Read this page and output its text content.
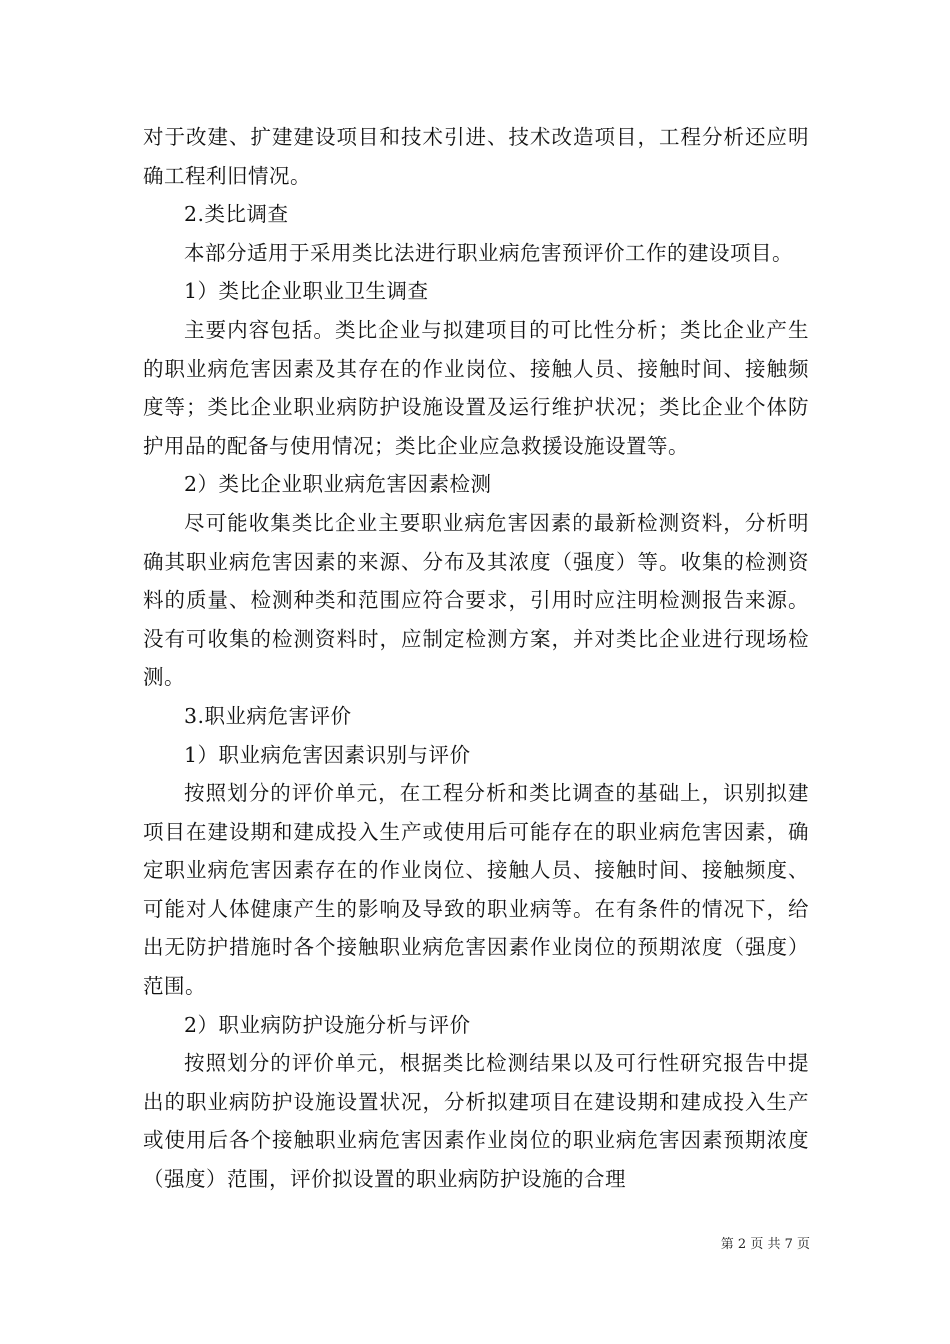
对于改建、扩建建设项目和技术引进、技术改造项目，工程分析还应明确工程利旧情况。

2.类比调查

本部分适用于采用类比法进行职业病危害预评价工作的建设项目。

1）类比企业职业卫生调查

主要内容包括。类比企业与拟建项目的可比性分析；类比企业产生的职业病危害因素及其存在的作业岗位、接触人员、接触时间、接触频度等；类比企业职业病防护设施设置及运行维护状况；类比企业个体防护用品的配备与使用情况；类比企业应急救援设施设置等。

2）类比企业职业病危害因素检测

尽可能收集类比企业主要职业病危害因素的最新检测资料，分析明确其职业病危害因素的来源、分布及其浓度（强度）等。收集的检测资料的质量、检测种类和范围应符合要求，引用时应注明检测报告来源。没有可收集的检测资料时，应制定检测方案，并对类比企业进行现场检测。

3.职业病危害评价

1）职业病危害因素识别与评价

按照划分的评价单元，在工程分析和类比调查的基础上，识别拟建项目在建设期和建成投入生产或使用后可能存在的职业病危害因素，确定职业病危害因素存在的作业岗位、接触人员、接触时间、接触频度、可能对人体健康产生的影响及导致的职业病等。在有条件的情况下，给出无防护措施时各个接触职业病危害因素作业岗位的预期浓度（强度）范围。

2）职业病防护设施分析与评价

按照划分的评价单元，根据类比检测结果以及可行性研究报告中提出的职业病防护设施设置状况，分析拟建项目在建设期和建成投入生产或使用后各个接触职业病危害因素作业岗位的职业病危害因素预期浓度（强度）范围，评价拟设置的职业病防护设施的合理

第 2 页 共 7 页
